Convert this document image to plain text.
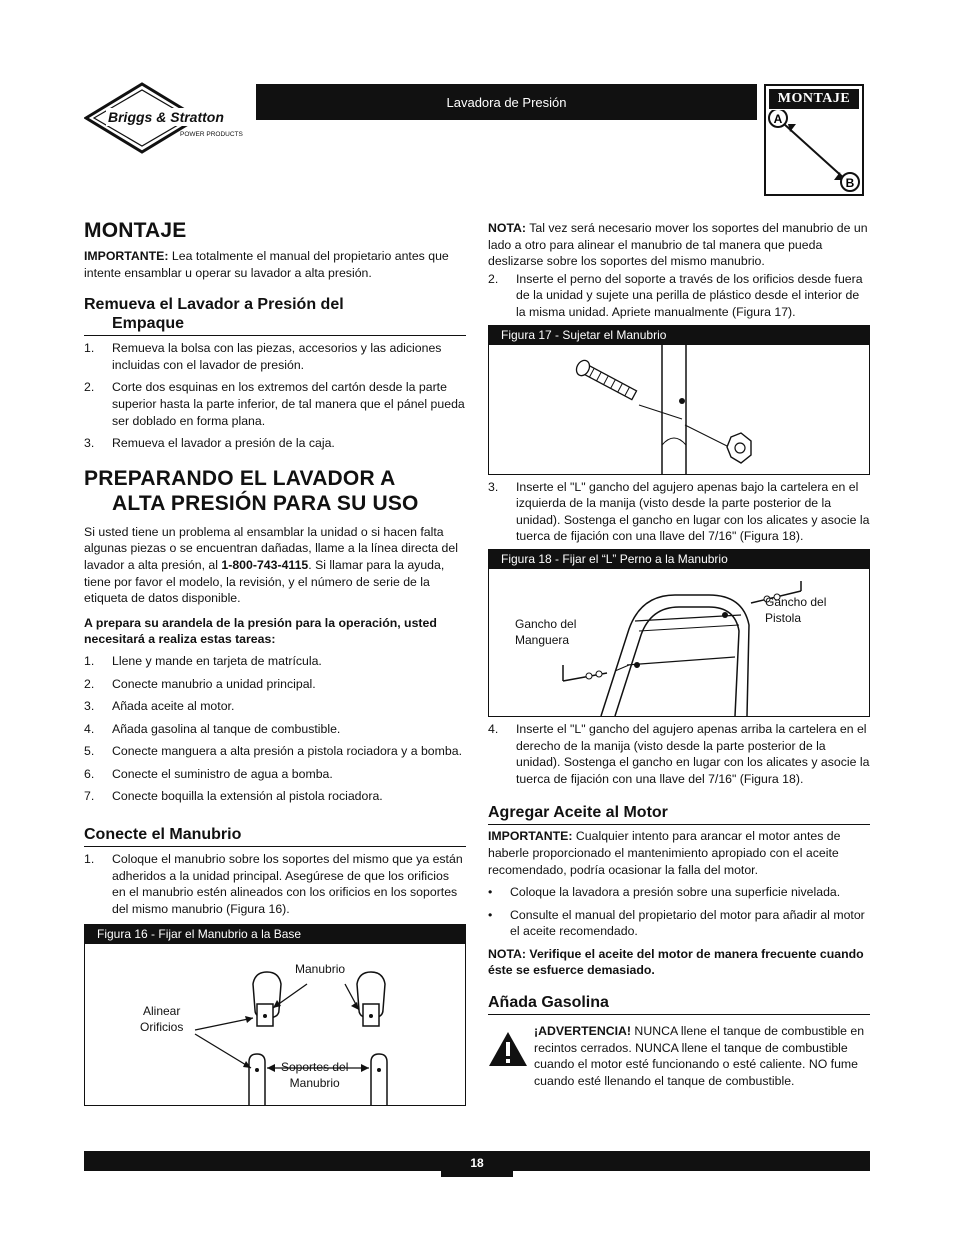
Briggs & Stratton
POWER PRODUCTS
Lavadora de Presión	MONTAJE
A
B
MONTAJE

IMPORTANTE: Lea totalmente el manual del propietario antes que intente ensamblar u operar su lavador a alta presión.

Remueva el Lavador a Presión del
Empaque
1. Remueva la bolsa con las piezas, accesorios y las adiciones incluidas con el lavador de presión.
2. Corte dos esquinas en los extremos del cartón desde la parte superior hasta la parte inferior, de tal manera que el pánel pueda ser doblado en forma plana.
3. Remueva el lavador a presión de la caja.
PREPARANDO EL LAVADOR A
ALTA PRESIÓN PARA SU USO

Si usted tiene un problema al ensamblar la unidad o si hacen falta algunas piezas o se encuentran dañadas, llame a la línea directa del lavador a alta presión, al 1-800-743-4115. Si llamar para la ayuda, tiene por favor el modelo, la revisión, y el número de serie de la etiqueta de datos disponible.

A prepara su arandela de la presión para la operación, usted necesitará a realiza estas tareas:

1. Llene y mande en tarjeta de matrícula.
2. Conecte manubrio a unidad principal.
3. Añada aceite al motor.
4. Añada gasolina al tanque de combustible.
5. Conecte manguera a alta presión a pistola rociadora y a bomba.
6. Conecte el suministro de agua a bomba.
7. Conecte boquilla la extensión al pistola rociadora.
Conecte el Manubrio
1. Coloque el manubrio sobre los soportes del mismo que ya están adheridos a la unidad principal. Asegúrese de que los orificios en el manubrio estén alineados con los orificios en los soportes del mismo manubrio (Figura 16).
Figura 16 - Fijar el Manubrio a la Base
Manubrio
Alinear
Orificios
Soportes del
Manubrio

NOTA: Tal vez será necesario mover los soportes del manubrio de un lado a otro para alinear el manubrio de tal manera que pueda deslizarse sobre los soportes del mismo manubrio.

2. Inserte el perno del soporte a través de los orificios desde fuera de la unidad y sujete una perilla de plástico desde el interior de la misma unidad. Apriete manualmente (Figura 17).
Figura 17 - Sujetar el Manubrio
3. Inserte el "L" gancho del agujero apenas bajo la cartelera en el izquierda de la manija (visto desde la parte posterior de la unidad). Sostenga el gancho en lugar con los alicates y asocie la tuerca de fijación con una llave del 7/16" (Figura 18).
Figura 18 - Fijar el “L” Perno a la Manubrio
Gancho del
Manguera
Gancho del
Pistola
4. Inserte el "L" gancho del agujero apenas arriba la cartelera en el derecho de la manija (visto desde la parte posterior de la unidad). Sostenga el gancho en lugar con los alicates y asocie la tuerca de fijación con una llave del 7/16" (Figura 18).
Agregar Aceite al Motor

IMPORTANTE: Cualquier intento para arancar el motor antes de haberle proporcionado el mantenimiento apropiado con el aceite recomendado, podría ocasionar la falla del motor.

• Coloque la lavadora a presión sobre una superficie nivelada.
• Consulte el manual del propietario del motor para añadir al motor el aceite recomendado.

NOTA: Verifique el aceite del motor de manera frecuente cuando éste se esfuerce demasiado.

Añada Gasolina

¡ADVERTENCIA! NUNCA llene el tanque de combustible en recintos cerrados. NUNCA llene el tanque de combustible cuando el motor esté funcionando o esté caliente. NO fume cuando esté llenando el tanque de combustible.

18
